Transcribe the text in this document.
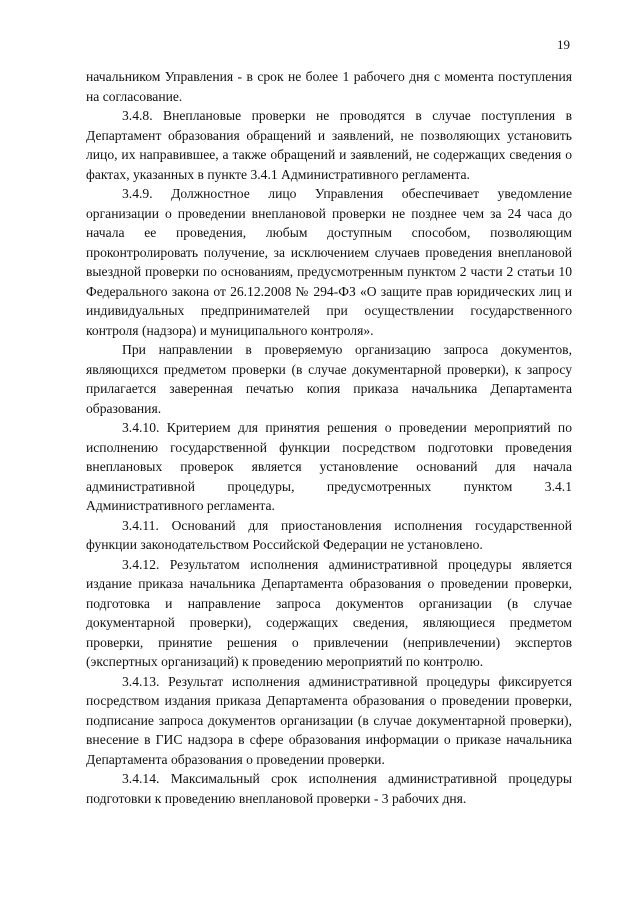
19

начальником Управления - в срок не более 1 рабочего дня с момента поступления на согласование.

3.4.8. Внеплановые проверки не проводятся в случае поступления в Департамент образования обращений и заявлений, не позволяющих установить лицо, их направившее, а также обращений и заявлений, не содержащих сведения о фактах, указанных в пункте 3.4.1 Административного регламента.

3.4.9. Должностное лицо Управления обеспечивает уведомление организации о проведении внеплановой проверки не позднее чем за 24 часа до начала ее проведения, любым доступным способом, позволяющим проконтролировать получение, за исключением случаев проведения внеплановой выездной проверки по основаниям, предусмотренным пунктом 2 части 2 статьи 10 Федерального закона от 26.12.2008 № 294-ФЗ «О защите прав юридических лиц и индивидуальных предпринимателей при осуществлении государственного контроля (надзора) и муниципального контроля».

При направлении в проверяемую организацию запроса документов, являющихся предметом проверки (в случае документарной проверки), к запросу прилагается заверенная печатью копия приказа начальника Департамента образования.

3.4.10. Критерием для принятия решения о проведении мероприятий по исполнению государственной функции посредством подготовки проведения внеплановых проверок является установление оснований для начала административной процедуры, предусмотренных пунктом 3.4.1 Административного регламента.

3.4.11. Оснований для приостановления исполнения государственной функции законодательством Российской Федерации не установлено.

3.4.12. Результатом исполнения административной процедуры является издание приказа начальника Департамента образования о проведении проверки, подготовка и направление запроса документов организации (в случае документарной проверки), содержащих сведения, являющиеся предметом проверки, принятие решения о привлечении (непривлечении) экспертов (экспертных организаций) к проведению мероприятий по контролю.

3.4.13. Результат исполнения административной процедуры фиксируется посредством издания приказа Департамента образования о проведении проверки, подписание запроса документов организации (в случае документарной проверки), внесение в ГИС надзора в сфере образования информации о приказе начальника Департамента образования о проведении проверки.

3.4.14. Максимальный срок исполнения административной процедуры подготовки к проведению внеплановой проверки - 3 рабочих дня.
